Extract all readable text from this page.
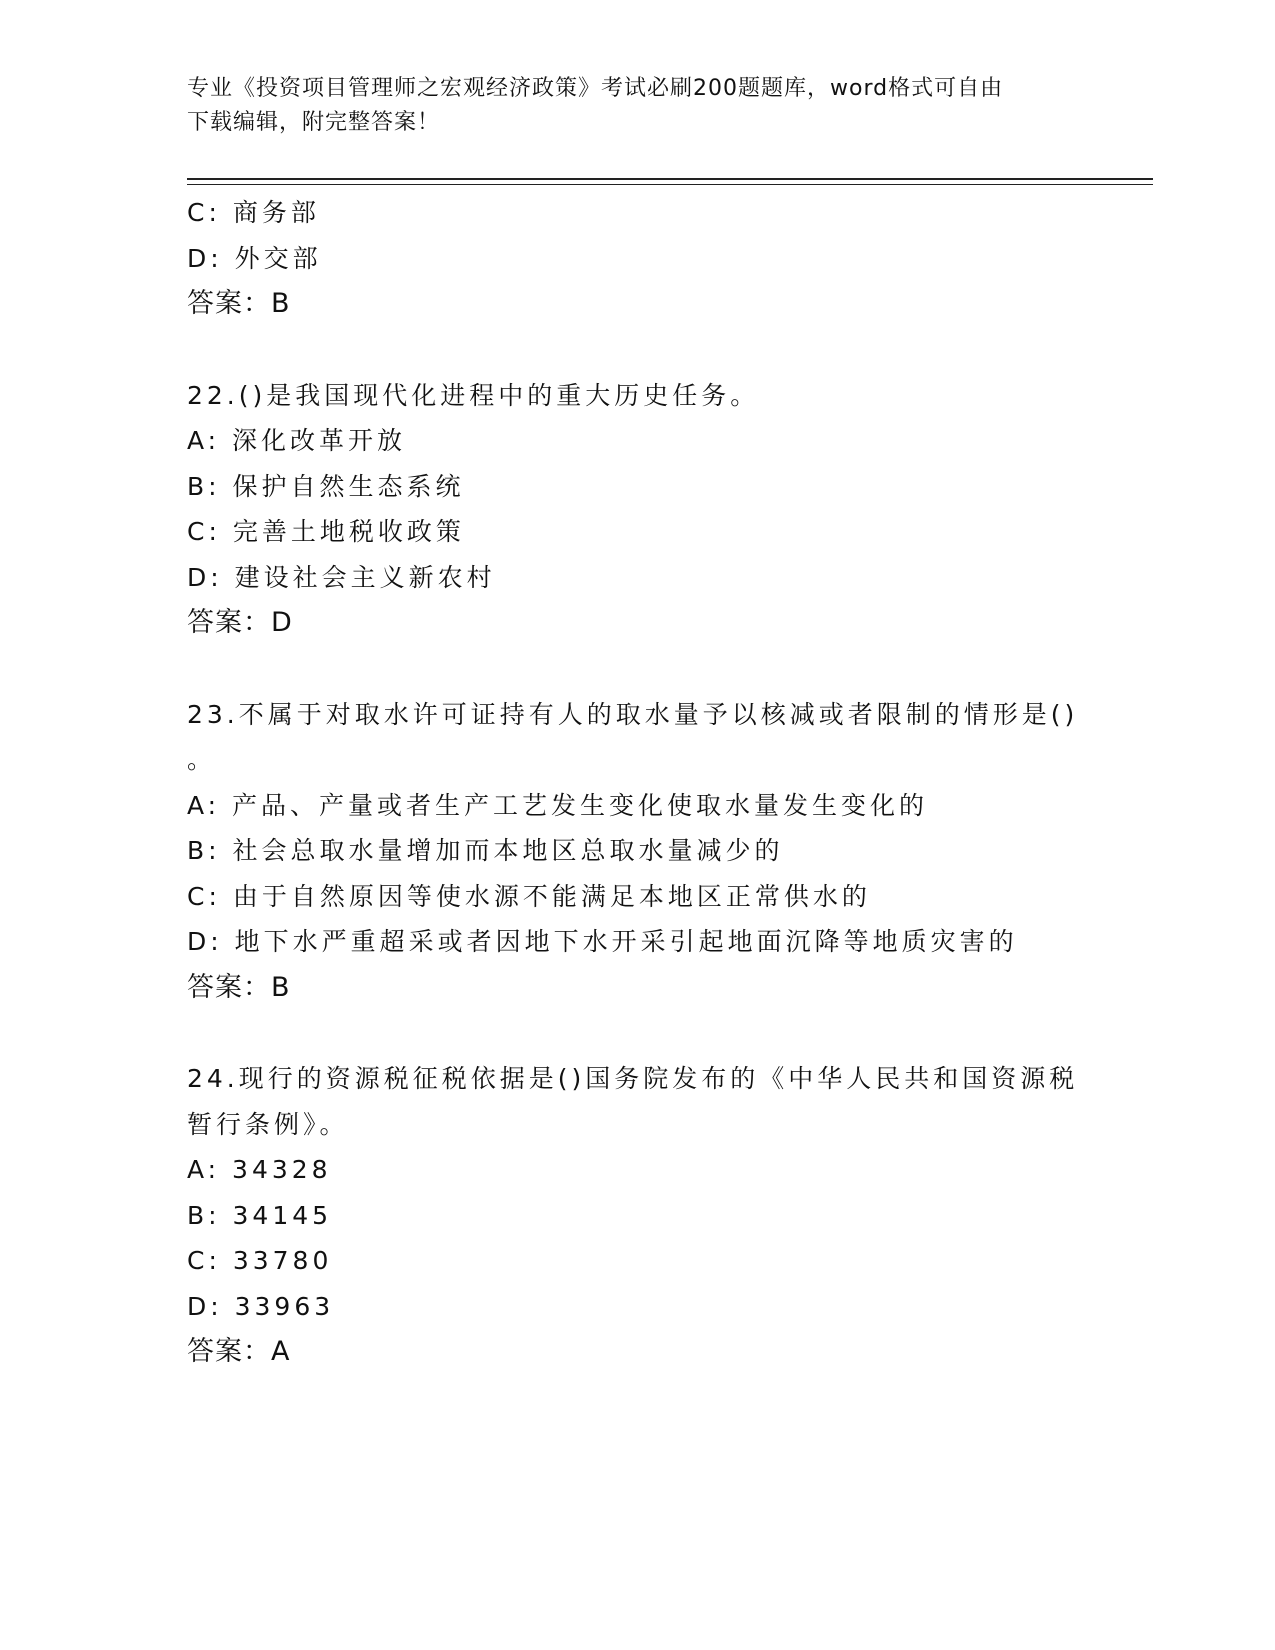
专业《投资项目管理师之宏观经济政策》考试必刷200题题库，word格式可自由
下载编辑，附完整答案！
C: 商务部
D: 外交部
答案：B
22.()是我国现代化进程中的重大历史任务。
A: 深化改革开放
B: 保护自然生态系统
C: 完善土地税收政策
D: 建设社会主义新农村
答案：D
23.不属于对取水许可证持有人的取水量予以核减或者限制的情形是()
。
A: 产品、产量或者生产工艺发生变化使取水量发生变化的
B: 社会总取水量增加而本地区总取水量减少的
C: 由于自然原因等使水源不能满足本地区正常供水的
D: 地下水严重超采或者因地下水开采引起地面沉降等地质灾害的
答案：B
24.现行的资源税征税依据是()国务院发布的《中华人民共和国资源税
暂行条例》。
A: 34328
B: 34145
C: 33780
D: 33963
答案：A
